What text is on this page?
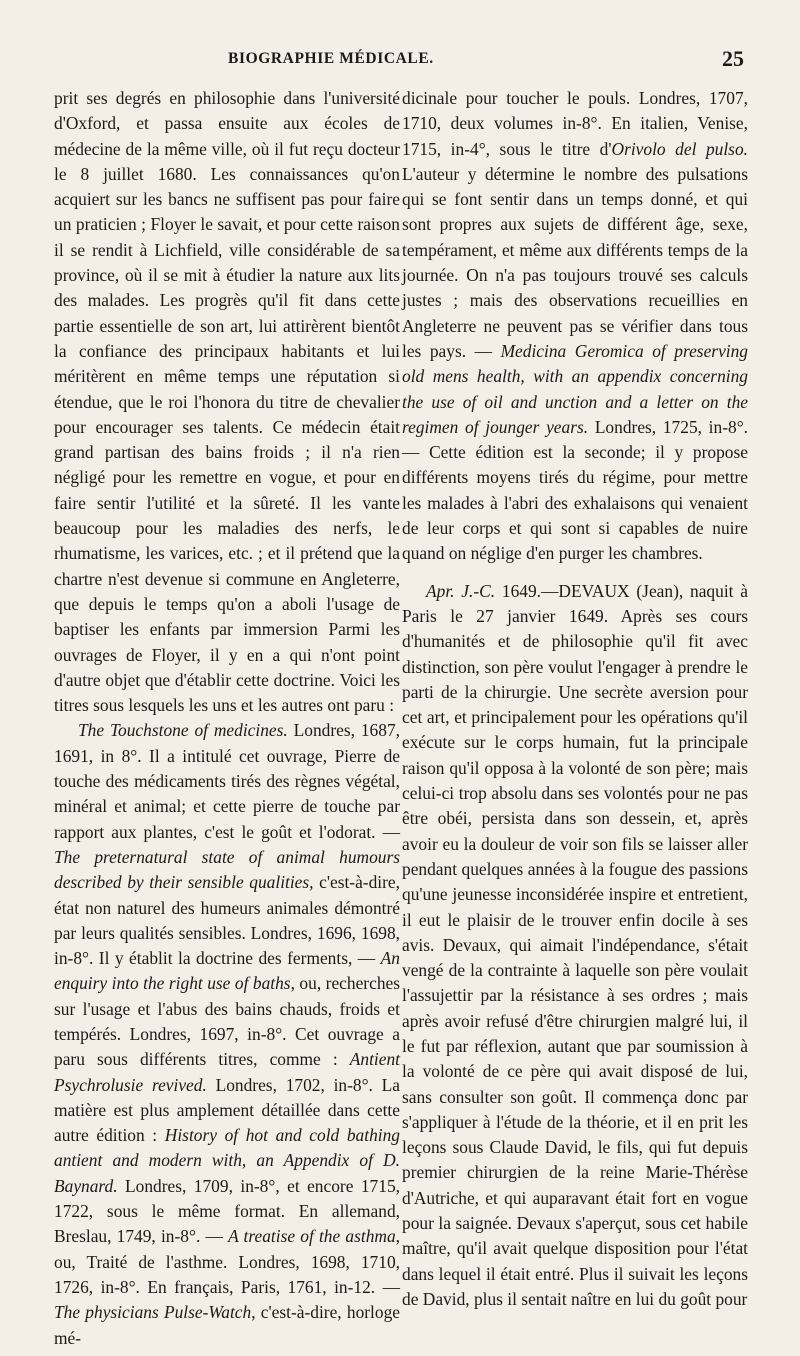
BIOGRAPHIE MÉDICALE.	25

prit ses degrés en philosophie dans l'université d'Oxford, et passa ensuite aux écoles de médecine de la même ville, où il fut reçu docteur le 8 juillet 1680. Les connaissances qu'on acquiert sur les bancs ne suffisent pas pour faire un praticien ; Floyer le savait, et pour cette raison il se rendit à Lichfield, ville considérable de sa province, où il se mit à étudier la nature aux lits des malades. Les progrès qu'il fit dans cette partie essentielle de son art, lui attirèrent bientôt la confiance des principaux habitants et lui méritèrent en même temps une réputation si étendue, que le roi l'honora du titre de chevalier pour encourager ses talents. Ce médecin était grand partisan des bains froids ; il n'a rien négligé pour les remettre en vogue, et pour en faire sentir l'utilité et la sûreté. Il les vante beaucoup pour les maladies des nerfs, le rhumatisme, les varices, etc. ; et il prétend que la chartre n'est devenue si commune en Angleterre, que depuis le temps qu'on a aboli l'usage de baptiser les enfants par immersion Parmi les ouvrages de Floyer, il y en a qui n'ont point d'autre objet que d'établir cette doctrine. Voici les titres sous lesquels les uns et les autres ont paru :

The Touchstone of medicines. Londres, 1687, 1691, in 8°. Il a intitulé cet ouvrage, Pierre de touche des médicaments tirés des règnes végétal, minéral et animal; et cette pierre de touche par rapport aux plantes, c'est le goût et l'odorat. — The preternatural state of animal humours described by their sensible qualities, c'est-à-dire, état non naturel des humeurs animales démontré par leurs qualités sensibles. Londres, 1696, 1698, in-8°. Il y établit la doctrine des ferments, — An enquiry into the right use of baths, ou, recherches sur l'usage et l'abus des bains chauds, froids et tempérés. Londres, 1697, in-8°. Cet ouvrage a paru sous différents titres, comme : Antient Psychrolusie revived. Londres, 1702, in-8°. La matière est plus amplement détaillée dans cette autre édition : History of hot and cold bathing antient and modern with, an Appendix of D. Baynard. Londres, 1709, in-8°, et encore 1715, 1722, sous le même format. En allemand, Breslau, 1749, in-8°. — A treatise of the asthma, ou, Traité de l'asthme. Londres, 1698, 1710, 1726, in-8°. En français, Paris, 1761, in-12. — The physicians Pulse-Watch, c'est-à-dire, horloge mé-

dicinale pour toucher le pouls. Londres, 1707, 1710, deux volumes in-8°. En italien, Venise, 1715, in-4°, sous le titre d'Orivolo del pulso. L'auteur y détermine le nombre des pulsations qui se font sentir dans un temps donné, et qui sont propres aux sujets de différent âge, sexe, tempérament, et même aux différents temps de la journée. On n'a pas toujours trouvé ses calculs justes ; mais des observations recueillies en Angleterre ne peuvent pas se vérifier dans tous les pays. — Medicina Geromica of preserving old mens health, with an appendix concerning the use of oil and unction and a letter on the regimen of jounger years. Londres, 1725, in-8°. — Cette édition est la seconde; il y propose différents moyens tirés du régime, pour mettre les malades à l'abri des exhalaisons qui venaient de leur corps et qui sont si capables de nuire quand on néglige d'en purger les chambres.

Apr. J.-C. 1649.—DEVAUX (Jean), naquit à Paris le 27 janvier 1649. Après ses cours d'humanités et de philosophie qu'il fit avec distinction, son père voulut l'engager à prendre le parti de la chirurgie. Une secrète aversion pour cet art, et principalement pour les opérations qu'il exécute sur le corps humain, fut la principale raison qu'il opposa à la volonté de son père; mais celui-ci trop absolu dans ses volontés pour ne pas être obéi, persista dans son dessein, et, après avoir eu la douleur de voir son fils se laisser aller pendant quelques années à la fougue des passions qu'une jeunesse inconsidérée inspire et entretient, il eut le plaisir de le trouver enfin docile à ses avis. Devaux, qui aimait l'indépendance, s'était vengé de la contrainte à laquelle son père voulait l'assujettir par la résistance à ses ordres ; mais après avoir refusé d'être chirurgien malgré lui, il le fut par réflexion, autant que par soumission à la volonté de ce père qui avait disposé de lui, sans consulter son goût. Il commença donc par s'appliquer à l'étude de la théorie, et il en prit les leçons sous Claude David, le fils, qui fut depuis premier chirurgien de la reine Marie-Thérèse d'Autriche, et qui auparavant était fort en vogue pour la saignée. Devaux s'aperçut, sous cet habile maître, qu'il avait quelque disposition pour l'état dans lequel il était entré. Plus il suivait les leçons de David, plus il sentait naître en lui du goût pour
